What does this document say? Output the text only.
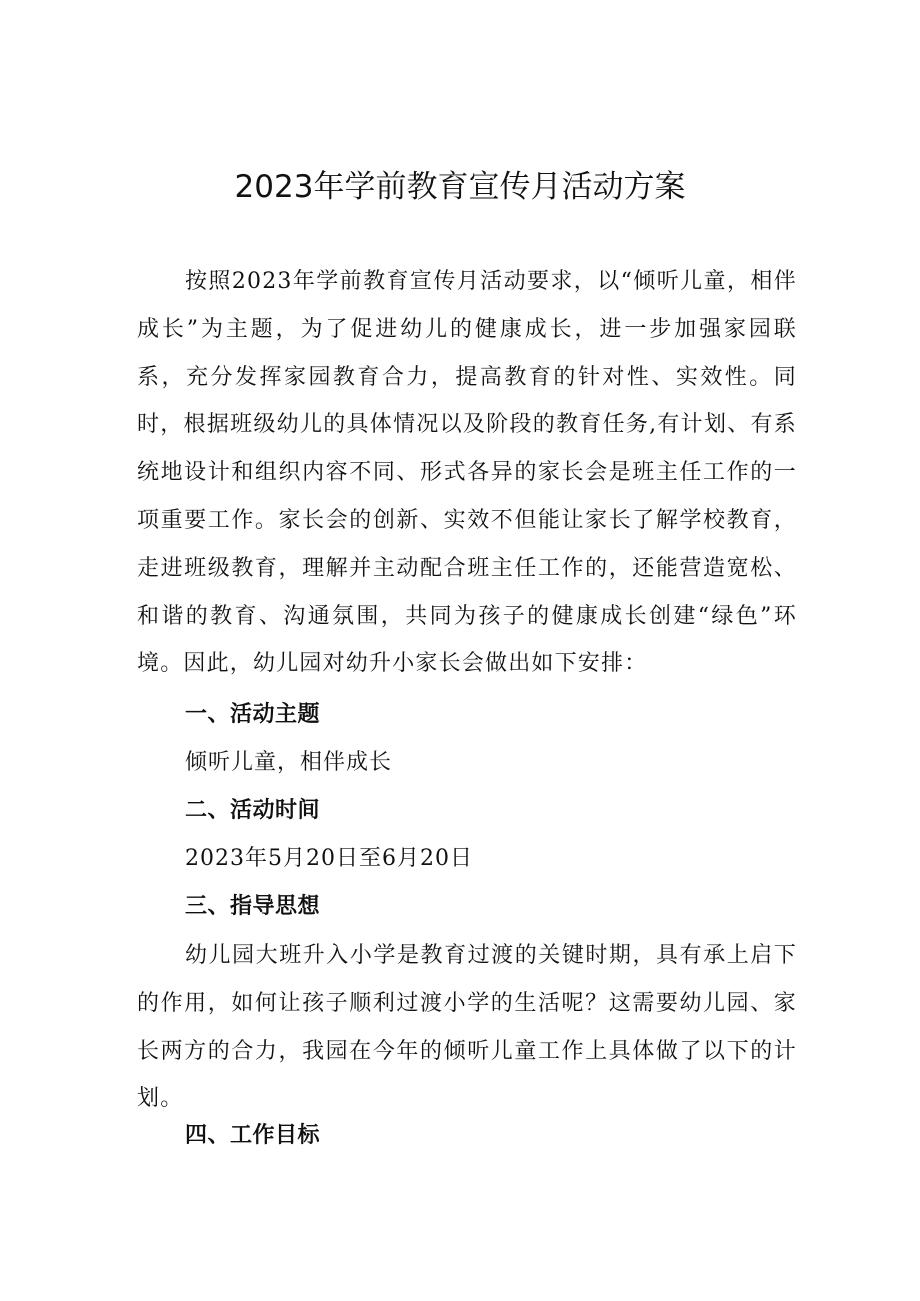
2023年学前教育宣传月活动方案

按照2023年学前教育宣传月活动要求，以“倾听儿童，相伴成长”为主题，为了促进幼儿的健康成长，进一步加强家园联系，充分发挥家园教育合力，提高教育的针对性、实效性。同时，根据班级幼儿的具体情况以及阶段的教育任务,有计划、有系统地设计和组织内容不同、形式各异的家长会是班主任工作的一项重要工作。家长会的创新、实效不但能让家长了解学校教育，走进班级教育，理解并主动配合班主任工作的，还能营造宽松、和谐的教育、沟通氛围，共同为孩子的健康成长创建“绿色”环境。因此，幼儿园对幼升小家长会做出如下安排：

一、活动主题

倾听儿童，相伴成长

二、活动时间

2023年5月20日至6月20日

三、指导思想

幼儿园大班升入小学是教育过渡的关键时期，具有承上启下的作用，如何让孩子顺利过渡小学的生活呢？这需要幼儿园、家长两方的合力，我园在今年的倾听儿童工作上具体做了以下的计划。

四、工作目标
